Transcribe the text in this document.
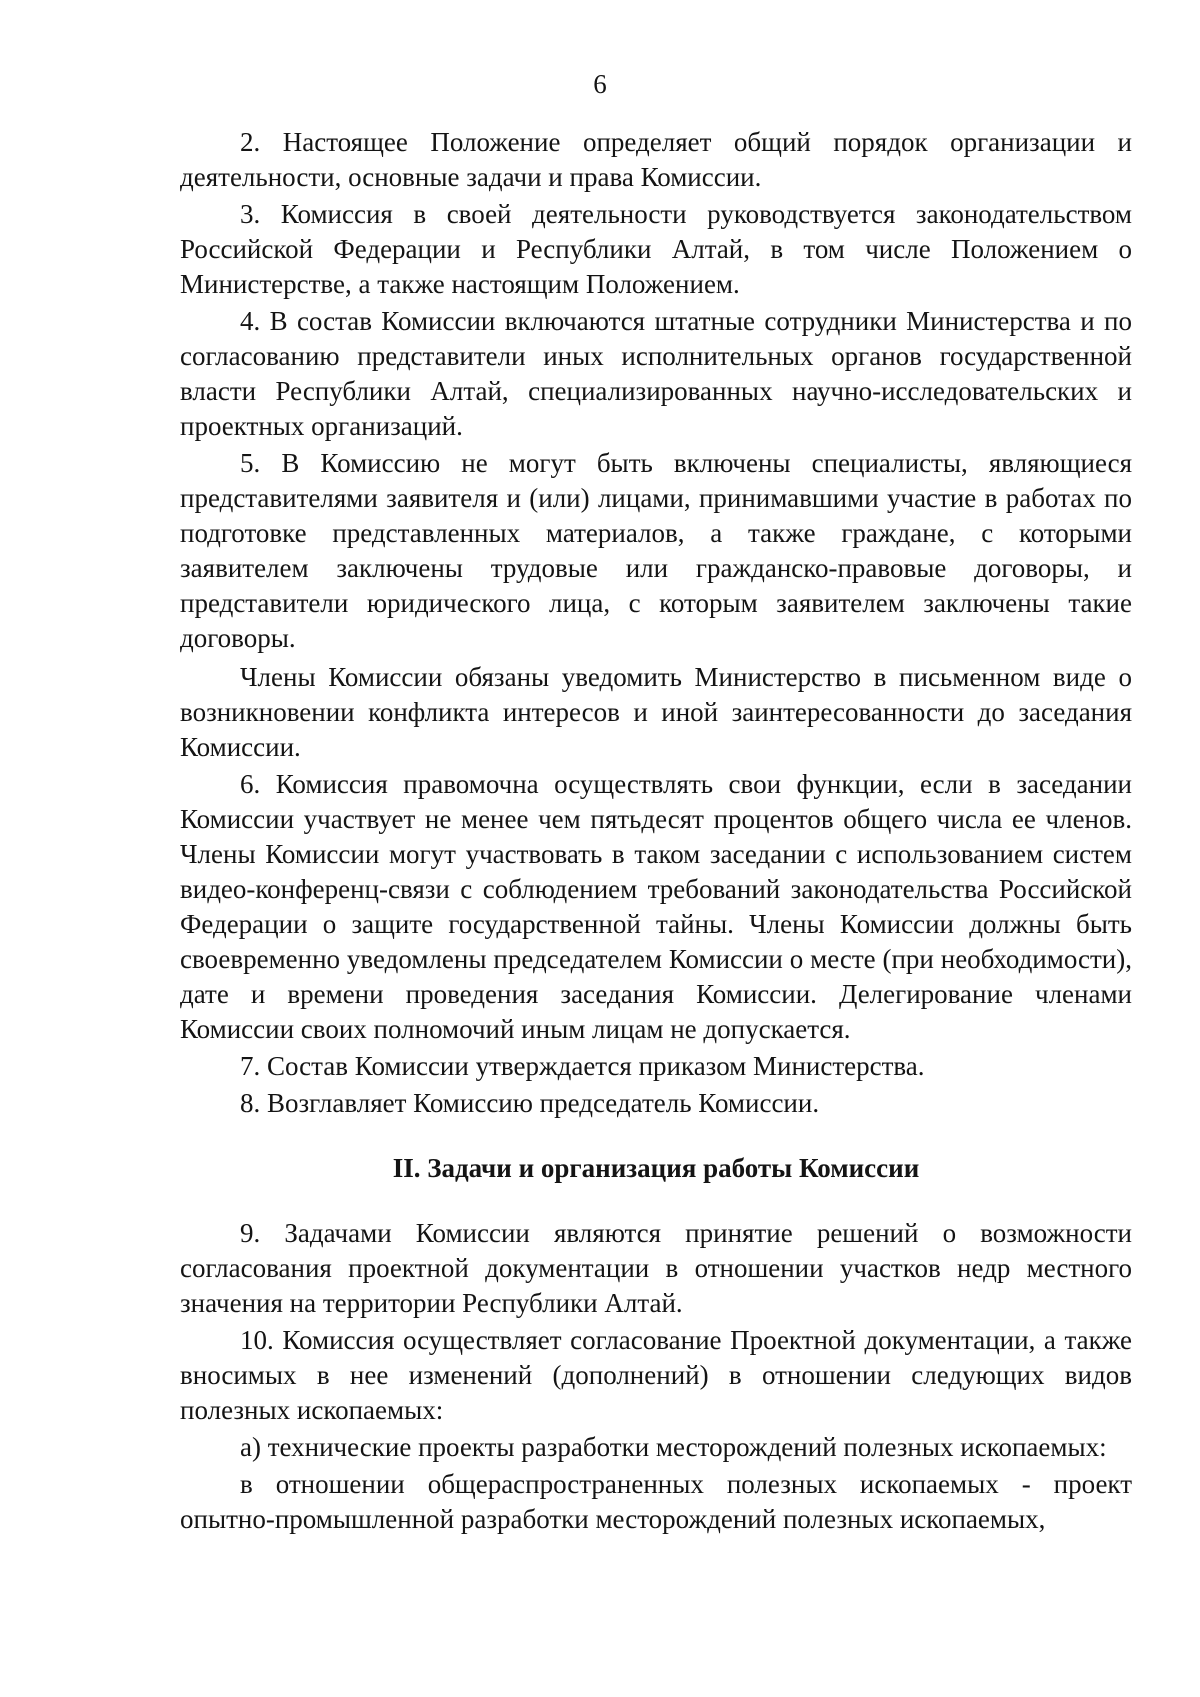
6

2. Настоящее Положение определяет общий порядок организации и деятельности, основные задачи и права Комиссии.

3. Комиссия в своей деятельности руководствуется законодательством Российской Федерации и Республики Алтай, в том числе Положением о Министерстве, а также настоящим Положением.

4. В состав Комиссии включаются штатные сотрудники Министерства и по согласованию представители иных исполнительных органов государственной власти Республики Алтай, специализированных научно-исследовательских и проектных организаций.

5. В Комиссию не могут быть включены специалисты, являющиеся представителями заявителя и (или) лицами, принимавшими участие в работах по подготовке представленных материалов, а также граждане, с которыми заявителем заключены трудовые или гражданско-правовые договоры, и представители юридического лица, с которым заявителем заключены такие договоры.

Члены Комиссии обязаны уведомить Министерство в письменном виде о возникновении конфликта интересов и иной заинтересованности до заседания Комиссии.

6. Комиссия правомочна осуществлять свои функции, если в заседании Комиссии участвует не менее чем пятьдесят процентов общего числа ее членов. Члены Комиссии могут участвовать в таком заседании с использованием систем видео-конференц-связи с соблюдением требований законодательства Российской Федерации о защите государственной тайны. Члены Комиссии должны быть своевременно уведомлены председателем Комиссии о месте (при необходимости), дате и времени проведения заседания Комиссии. Делегирование членами Комиссии своих полномочий иным лицам не допускается.

7. Состав Комиссии утверждается приказом Министерства.

8. Возглавляет Комиссию председатель Комиссии.

II. Задачи и организация работы Комиссии

9. Задачами Комиссии являются принятие решений о возможности согласования проектной документации в отношении участков недр местного значения на территории Республики Алтай.

10. Комиссия осуществляет согласование Проектной документации, а также вносимых в нее изменений (дополнений) в отношении следующих видов полезных ископаемых:

а) технические проекты разработки месторождений полезных ископаемых:

в отношении общераспространенных полезных ископаемых - проект опытно-промышленной разработки месторождений полезных ископаемых,
